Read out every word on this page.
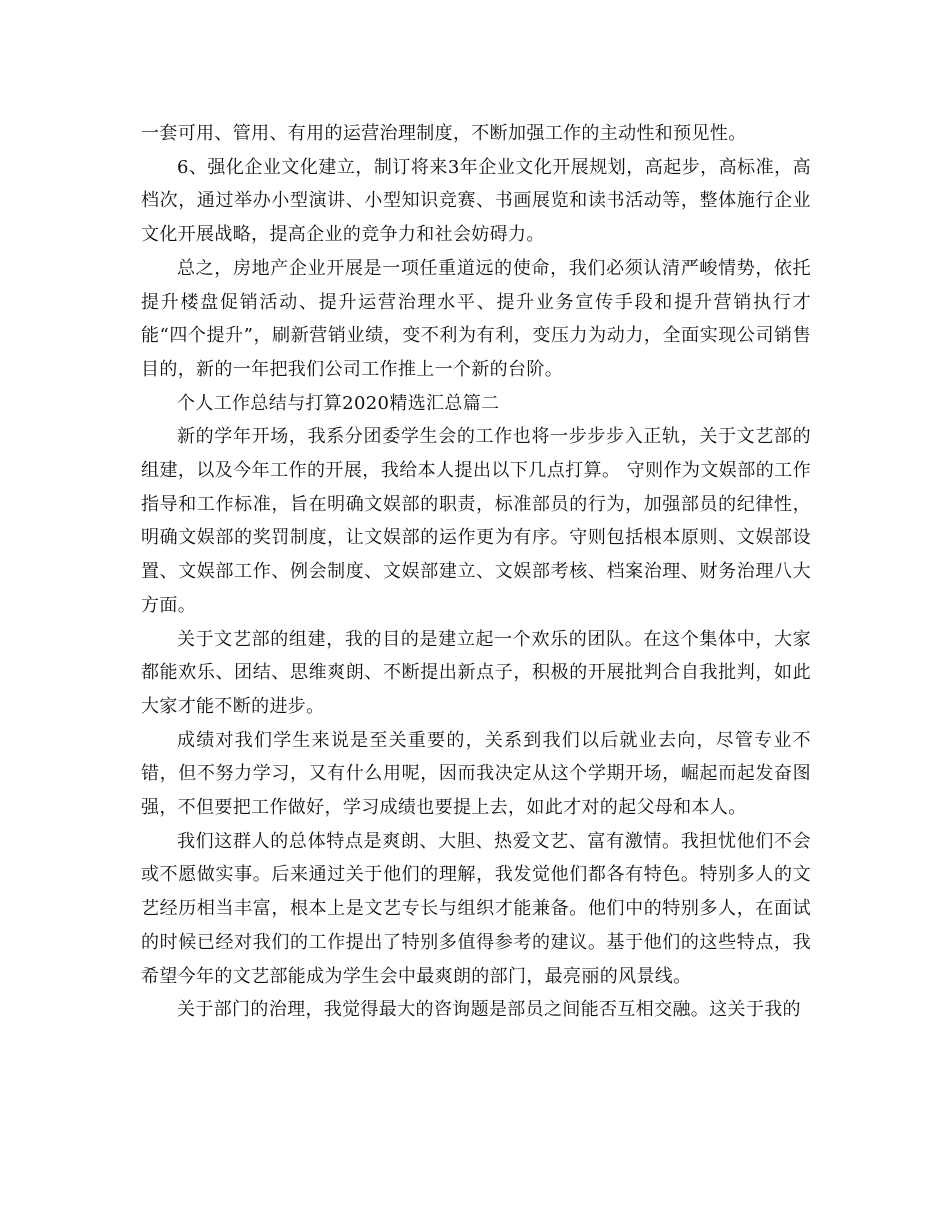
一套可用、管用、有用的运营治理制度，不断加强工作的主动性和预见性。

6、强化企业文化建立，制订将来3年企业文化开展规划，高起步，高标准，高档次，通过举办小型演讲、小型知识竞赛、书画展览和读书活动等，整体施行企业文化开展战略，提高企业的竞争力和社会妨碍力。

总之，房地产企业开展是一项任重道远的使命，我们必须认清严峻情势，依托提升楼盘促销活动、提升运营治理水平、提升业务宣传手段和提升营销执行才能“四个提升”，刷新营销业绩，变不利为有利，变压力为动力，全面实现公司销售目的，新的一年把我们公司工作推上一个新的台阶。

个人工作总结与打算2020精选汇总篇二

新的学年开场，我系分团委学生会的工作也将一步步步入正轨，关于文艺部的组建，以及今年工作的开展，我给本人提出以下几点打算。 守则作为文娱部的工作指导和工作标准，旨在明确文娱部的职责，标准部员的行为，加强部员的纪律性，明确文娱部的奖罚制度，让文娱部的运作更为有序。守则包括根本原则、文娱部设置、文娱部工作、例会制度、文娱部建立、文娱部考核、档案治理、财务治理八大方面。

关于文艺部的组建，我的目的是建立起一个欢乐的团队。在这个集体中，大家都能欢乐、团结、思维爽朗、不断提出新点子，积极的开展批判合自我批判，如此大家才能不断的进步。

成绩对我们学生来说是至关重要的，关系到我们以后就业去向，尽管专业不错，但不努力学习，又有什么用呢，因而我决定从这个学期开场，崛起而起发奋图强，不但要把工作做好，学习成绩也要提上去，如此才对的起父母和本人。

我们这群人的总体特点是爽朗、大胆、热爱文艺、富有激情。我担忧他们不会或不愿做实事。后来通过关于他们的理解，我发觉他们都各有特色。特别多人的文艺经历相当丰富，根本上是文艺专长与组织才能兼备。他们中的特别多人，在面试的时候已经对我们的工作提出了特别多值得参考的建议。基于他们的这些特点，我希望今年的文艺部能成为学生会中最爽朗的部门，最亮丽的风景线。

关于部门的治理，我觉得最大的咨询题是部员之间能否互相交融。这关于我的
